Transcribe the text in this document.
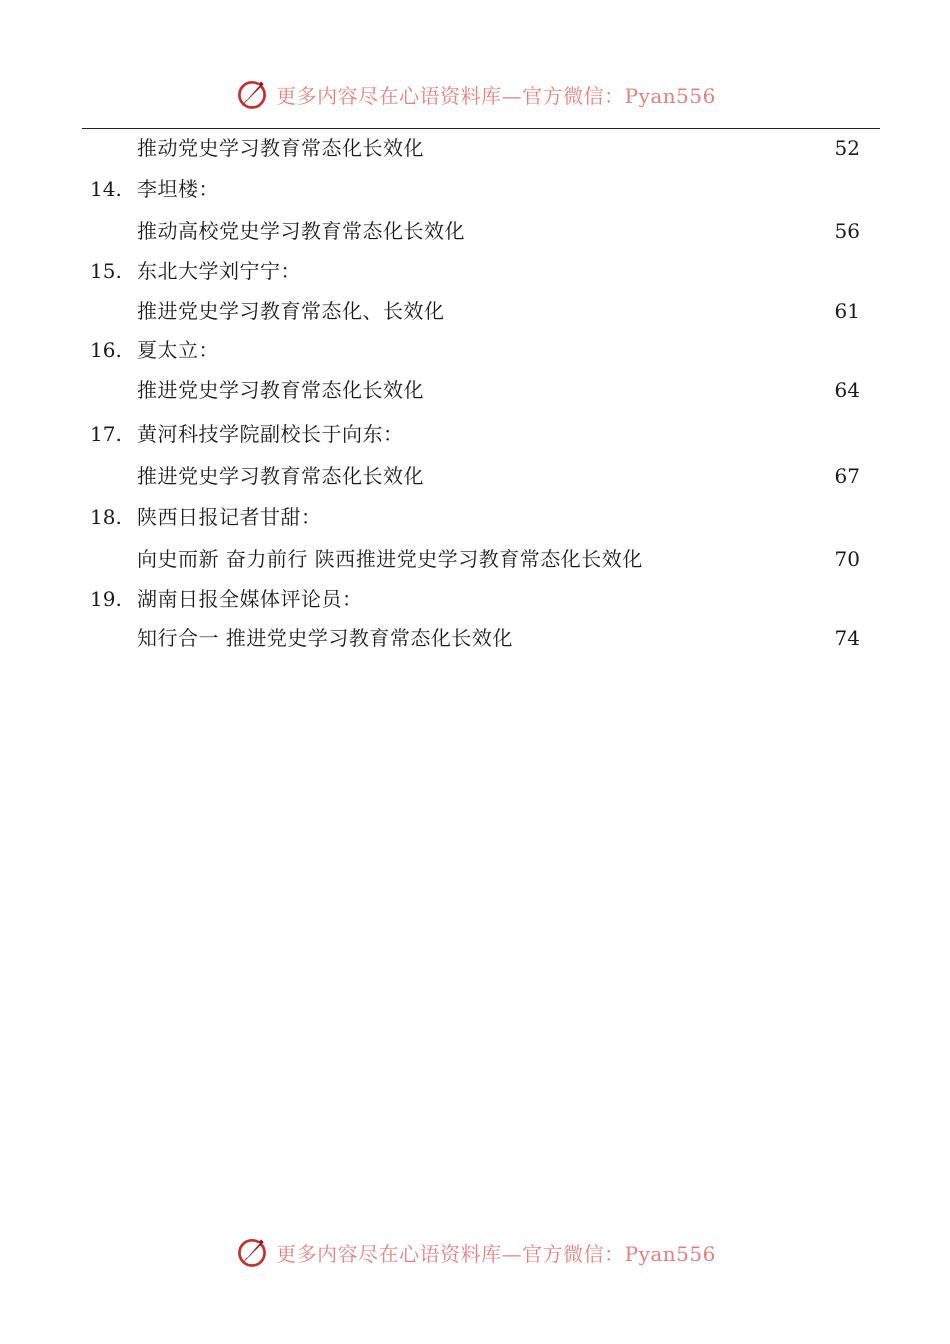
更多内容尽在心语资料库—官方微信：Pyan556
推动党史学习教育常态化长效化	52
14. 李坦楼：
推动高校党史学习教育常态化长效化	56
15. 东北大学刘宁宁：
推进党史学习教育常态化、长效化	61
16. 夏太立：
推进党史学习教育常态化长效化	64
17. 黄河科技学院副校长于向东：
推进党史学习教育常态化长效化	67
18. 陕西日报记者甘甜：
向史而新 奋力前行 陕西推进党史学习教育常态化长效化	70
19. 湖南日报全媒体评论员：
知行合一 推进党史学习教育常态化长效化	74
更多内容尽在心语资料库—官方微信：Pyan556
